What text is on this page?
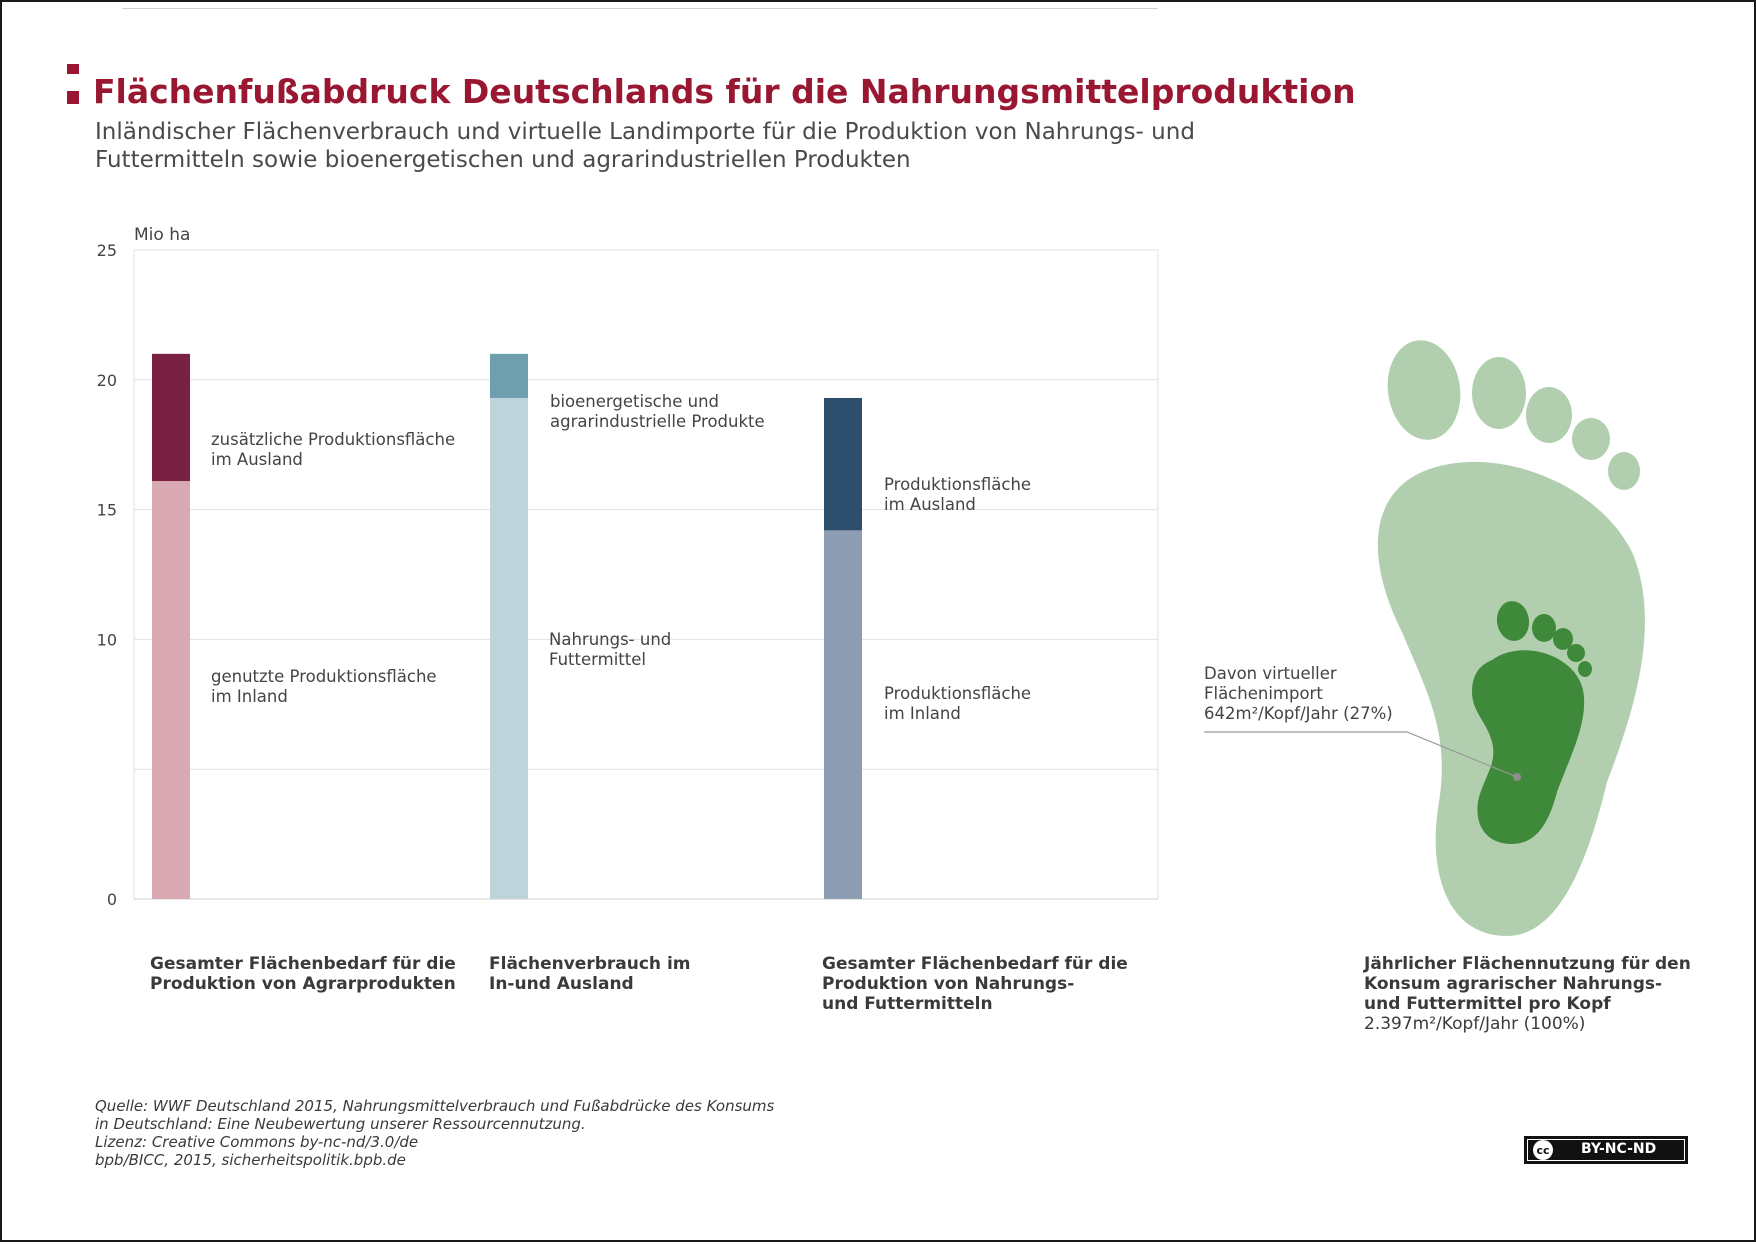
Flächenfußabdruck Deutschlands für die Nahrungsmittelproduktion
Inländischer Flächenverbrauch und virtuelle Landimporte für die Produktion von Nahrungs- und
Futtermitteln sowie bioenergetischen und agrarindustriellen Produkten
0
10
15
20
25
Mio ha
zusätzliche Produktionsfläche
im Ausland
genutzte Produktionsfläche
im Inland
bioenergetische und
agrarindustrielle Produkte
Nahrungs- und
Futtermittel
Produktionsfläche
im Ausland
Produktionsfläche
im Inland
Gesamter Flächenbedarf für die
Produktion von Agrarprodukten
Flächenverbrauch im
In-und Ausland
Gesamter Flächenbedarf für die
Produktion von Nahrungs-
und Futtermitteln
Davon virtueller
Flächenimport
642m²/Kopf/Jahr (27%)
Jährlicher Flächennutzung für den
Konsum agrarischer Nahrungs-
und Futtermittel pro Kopf
2.397m²/Kopf/Jahr (100%)
Quelle: WWF Deutschland 2015, Nahrungsmittelverbrauch und Fußabdrücke des Konsums
in Deutschland: Eine Neubewertung unserer Ressourcennutzung.
Lizenz: Creative Commons by-nc-nd/3.0/de
bpb/BICC, 2015, sicherheitspolitik.bpb.de
cc BY-NC-ND
